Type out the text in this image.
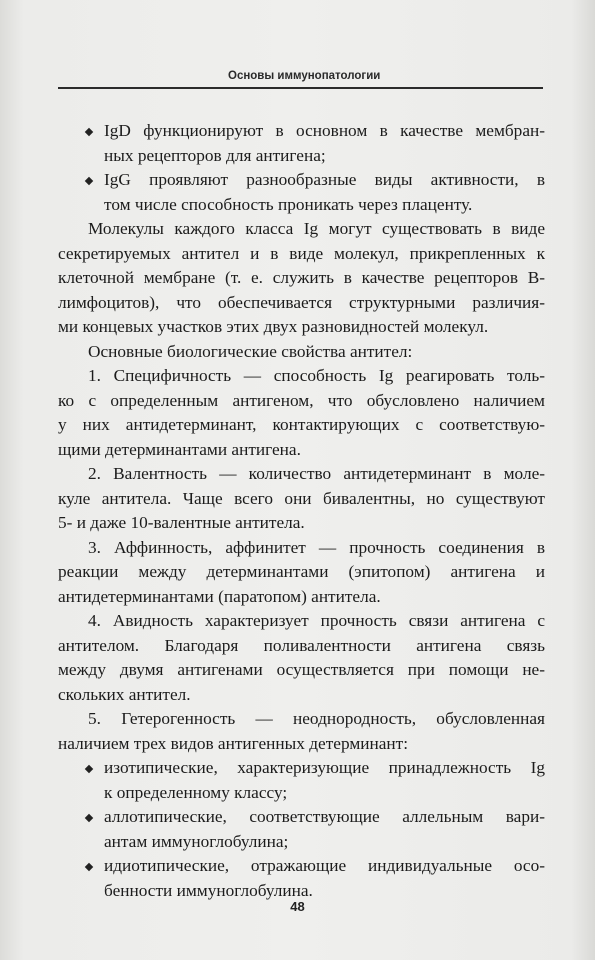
Основы иммунопатологии
IgD функционируют в основном в качестве мембран-
ных рецепторов для антигена;
IgG проявляют разнообразные виды активности, в
том числе способность проникать через плаценту.
Молекулы каждого класса Ig могут существовать в виде
секретируемых антител и в виде молекул, прикрепленных к
клеточной мембране (т. е. служить в качестве рецепторов В-
лимфоцитов), что обеспечивается структурными различия-
ми концевых участков этих двух разновидностей молекул.
Основные биологические свойства антител:
1. Специфичность — способность Ig реагировать толь-
ко с определенным антигеном, что обусловлено наличием
у них антидетерминант, контактирующих с соответствую-
щими детерминантами антигена.
2. Валентность — количество антидетерминант в моле-
куле антитела. Чаще всего они бивалентны, но существуют
5- и даже 10-валентные антитела.
3. Аффинность, аффинитет — прочность соединения в
реакции между детерминантами (эпитопом) антигена и
антидетерминантами (паратопом) антитела.
4. Авидность характеризует прочность связи антигена с
антителом. Благодаря поливалентности антигена связь
между двумя антигенами осуществляется при помощи не-
скольких антител.
5. Гетерогенность — неоднородность, обусловленная
наличием трех видов антигенных детерминант:
изотипические, характеризующие принадлежность Ig
к определенному классу;
аллотипические, соответствующие аллельным вари-
антам иммуноглобулина;
идиотипические, отражающие индивидуальные осо-
бенности иммуноглобулина.
48
